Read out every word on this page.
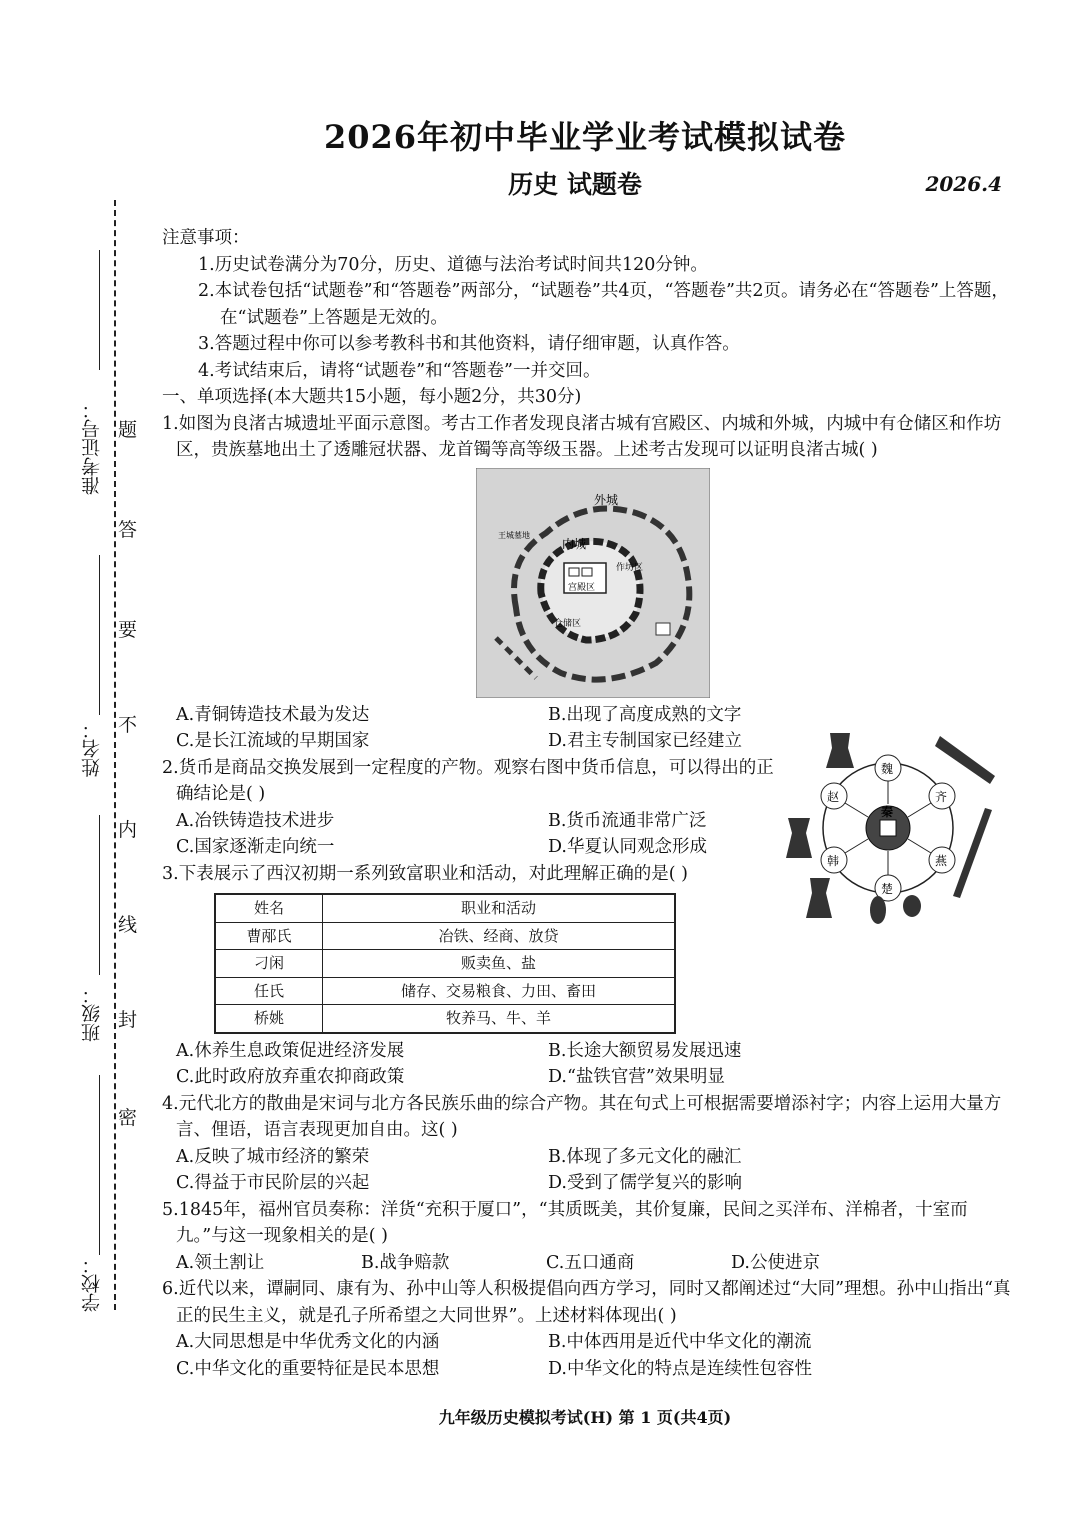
2026年初中毕业学业考试模拟试卷
历史 试题卷	2026.4
准考证号：
姓名：
班级：
学校：
题
答
要
不
内
线
封
密

注意事项：

1.历史试卷满分为70分，历史、道德与法治考试时间共120分钟。

2.本试卷包括“试题卷”和“答题卷”两部分，“试题卷”共4页，“答题卷”共2页。请务必在“答题卷”上答题，在“试题卷”上答题是无效的。

3.答题过程中你可以参考教科书和其他资料，请仔细审题，认真作答。

4.考试结束后，请将“试题卷”和“答题卷”一并交回。

一、单项选择(本大题共15小题，每小题2分，共30分)

1.如图为良渚古城遗址平面示意图。考古工作者发现良渚古城有宫殿区、内城和外城，内城中有仓储区和作坊区，贵族墓地出土了透雕冠状器、龙首镯等高等级玉器。上述考古发现可以证明良渚古城( )

外城
内城
宫殿区
作坊区
仓储区
王城墓地
A.青铜铸造技术最为发达	B.出现了高度成熟的文字
C.是长江流域的早期国家	D.君主专制国家已经建立

2.货币是商品交换发展到一定程度的产物。观察右图中货币信息，可以得出的正确结论是( )

A.冶铁铸造技术进步	B.货币流通非常广泛
C.国家逐渐走向统一	D.华夏认同观念形成

3.下表展示了西汉初期一系列致富职业和活动，对此理解正确的是( )

姓名	职业和活动
曹邴氏	冶铁、经商、放贷
刁闲	贩卖鱼、盐
任氏	储存、交易粮食、力田、畜田
桥姚	牧养马、牛、羊
A.休养生息政策促进经济发展	B.长途大额贸易发展迅速
C.此时政府放弃重农抑商政策	D.“盐铁官营”效果明显

4.元代北方的散曲是宋词与北方各民族乐曲的综合产物。其在句式上可根据需要增添衬字；内容上运用大量方言、俚语，语言表现更加自由。这( )

A.反映了城市经济的繁荣	B.体现了多元文化的融汇
C.得益于市民阶层的兴起	D.受到了儒学复兴的影响

5.1845年，福州官员奏称：洋货“充积于厦口”，“其质既美，其价复廉，民间之买洋布、洋棉者，十室而九。”与这一现象相关的是( )

A.领土割让	B.战争赔款	C.五口通商	D.公使进京

6.近代以来，谭嗣同、康有为、孙中山等人积极提倡向西方学习，同时又都阐述过“大同”理想。孙中山指出“真正的民生主义，就是孔子所希望之大同世界”。上述材料体现出( )

A.大同思想是中华优秀文化的内涵	B.中体西用是近代中华文化的潮流
C.中华文化的重要特征是民本思想	D.中华文化的特点是连续性包容性
秦
齐
燕
楚
韩
赵
魏
九年级历史模拟考试(H) 第 1 页(共4页)
